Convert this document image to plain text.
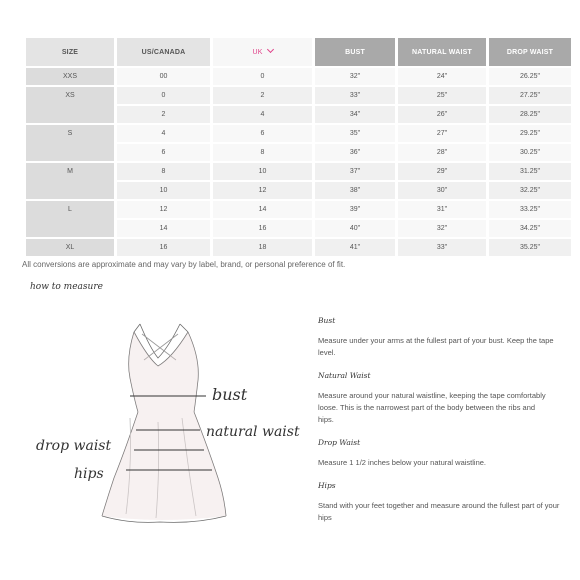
SIZE	US/CANADA	UK	BUST	NATURAL WAIST	DROP WAIST
XXS	00	0	32"	24"	26.25"
XS	0	2	33"	25"	27.25"
	2	4	34"	26"	28.25"
S	4	6	35"	27"	29.25"
	6	8	36"	28"	30.25"
M	8	10	37"	29"	31.25"
	10	12	38"	30"	32.25"
L	12	14	39"	31"	33.25"
	14	16	40"	32"	34.25"
XL	16	18	41"	33"	35.25"
All conversions are approximate and may vary by label, brand, or personal preference of fit.
how to measure
bust
natural waist
drop waist
hips
Bust
Measure under your arms at the fullest part of your bust. Keep the tape
level.
Natural Waist
Measure around your natural waistline, keeping the tape comfortably
loose. This is the narrowest part of the body between the ribs and
hips.
Drop Waist
Measure 1 1/2 inches below your natural waistline.
Hips
Stand with your feet together and measure around the fullest part of your
hips
